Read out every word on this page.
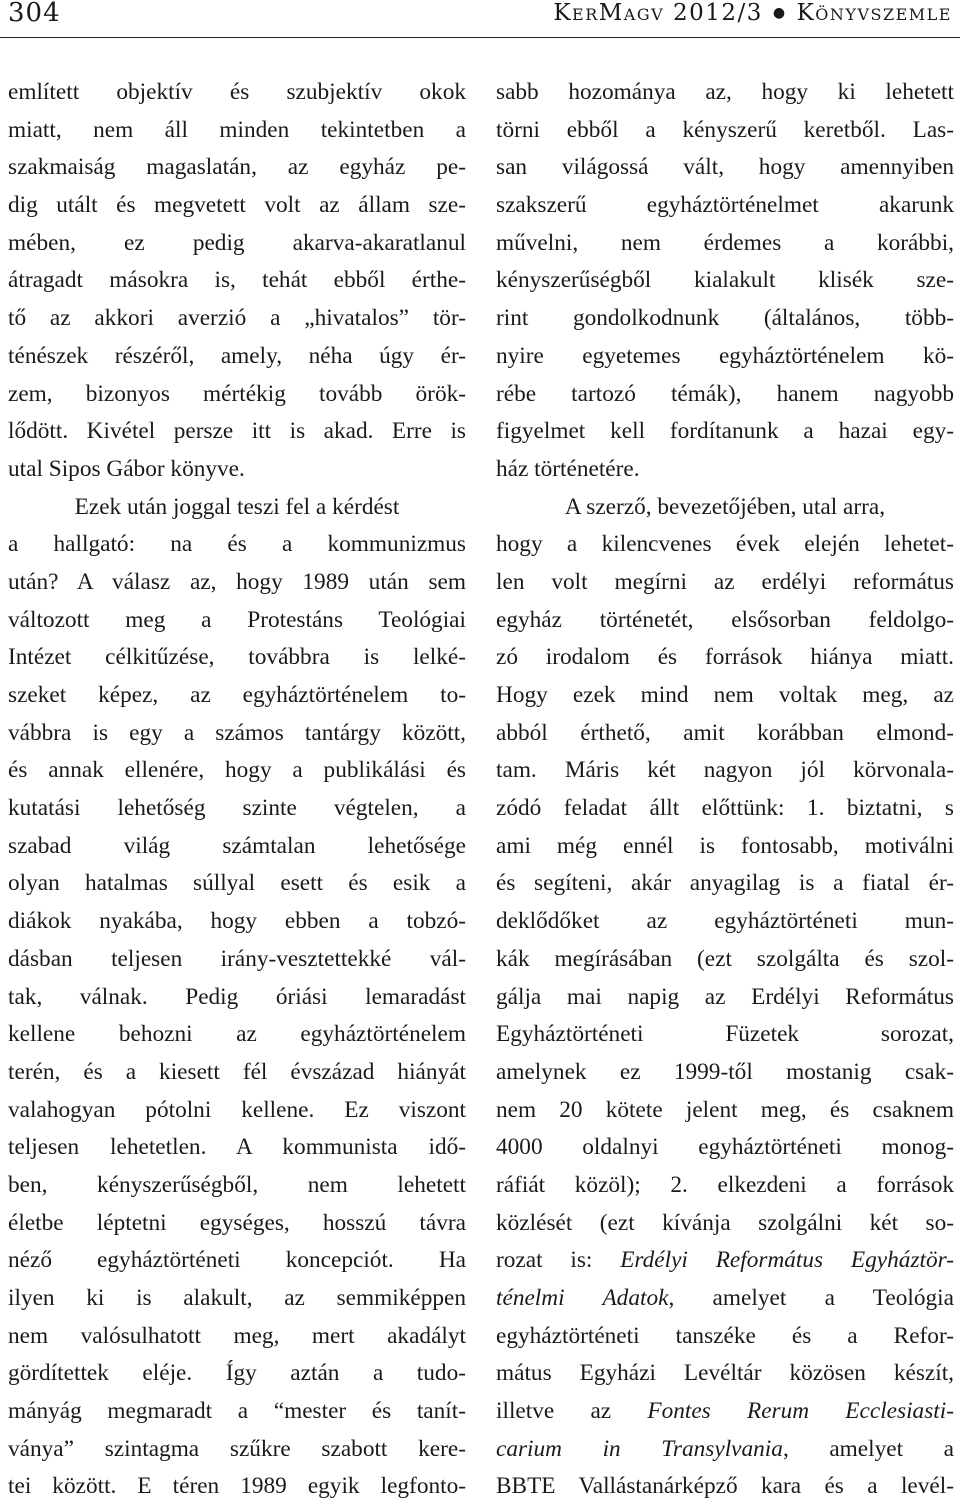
304	KerMagv 2012/3 ● Könyvszemle
említett objektív és szubjektív okok
miatt, nem áll minden tekintetben a
szakmaiság magaslatán, az egyház pe-
dig utált és megvetett volt az állam sze-
mében, ez pedig akarva-akaratlanul
átragadt másokra is, tehát ebből érthe-
tő az akkori averzió a „hivatalos” tör-
ténészek részéről, amely, néha úgy ér-
zem, bizonyos mértékig tovább örök-
lődött. Kivétel persze itt is akad. Erre is
utal Sipos Gábor könyve.
Ezek után joggal teszi fel a kérdést
a hallgató: na és a kommunizmus
után? A válasz az, hogy 1989 után sem
változott meg a Protestáns Teológiai
Intézet célkitűzése, továbbra is lelké-
szeket képez, az egyháztörténelem to-
vábbra is egy a számos tantárgy között,
és annak ellenére, hogy a publikálási és
kutatási lehetőség szinte végtelen, a
szabad világ számtalan lehetősége
olyan hatalmas súllyal esett és esik a
diákok nyakába, hogy ebben a tobzó-
dásban teljesen irány-vesztettekké vál-
tak, válnak. Pedig óriási lemaradást
kellene behozni az egyháztörténelem
terén, és a kiesett fél évszázad hiányát
valahogyan pótolni kellene. Ez viszont
teljesen lehetetlen. A kommunista idő-
ben, kényszerűségből, nem lehetett
életbe léptetni egységes, hosszú távra
néző egyháztörténeti koncepciót. Ha
ilyen ki is alakult, az semmiképpen
nem valósulhatott meg, mert akadályt
gördítettek eléje. Így aztán a tudo-
mányág megmaradt a “mester és tanít-
ványa” szintagma szűkre szabott kere-
tei között. E téren 1989 egyik legfonto-
sabb hozománya az, hogy ki lehetett
törni ebből a kényszerű keretből. Las-
san világossá vált, hogy amennyiben
szakszerű egyháztörténelmet akarunk
művelni, nem érdemes a korábbi,
kényszerűségből kialakult klisék sze-
rint gondolkodnunk (általános, több-
nyire egyetemes egyháztörténelem kö-
rébe tartozó témák), hanem nagyobb
figyelmet kell fordítanunk a hazai egy-
ház történetére.
A szerző, bevezetőjében, utal arra,
hogy a kilencvenes évek elején lehetet-
len volt megírni az erdélyi református
egyház történetét, elsősorban feldolgo-
zó irodalom és források hiánya miatt.
Hogy ezek mind nem voltak meg, az
abból érthető, amit korábban elmond-
tam. Máris két nagyon jól körvonala-
zódó feladat állt előttünk: 1. biztatni, s
ami még ennél is fontosabb, motiválni
és segíteni, akár anyagilag is a fiatal ér-
deklődőket az egyháztörténeti mun-
kák megírásában (ezt szolgálta és szol-
gálja mai napig az Erdélyi Református
Egyháztörténeti Füzetek sorozat,
amelynek ez 1999-től mostanig csak-
nem 20 kötete jelent meg, és csaknem
4000 oldalnyi egyháztörténeti monog-
ráfiát közöl); 2. elkezdeni a források
közlését (ezt kívánja szolgálni két so-
rozat is: Erdélyi Református Egyháztör-
ténelmi Adatok, amelyet a Teológia
egyháztörténeti tanszéke és a Refor-
mátus Egyházi Levéltár közösen készít,
illetve az Fontes Rerum Ecclesiasti-
carium in Transylvania, amelyet a
BBTE Vallástanárképző kara és a levél-
